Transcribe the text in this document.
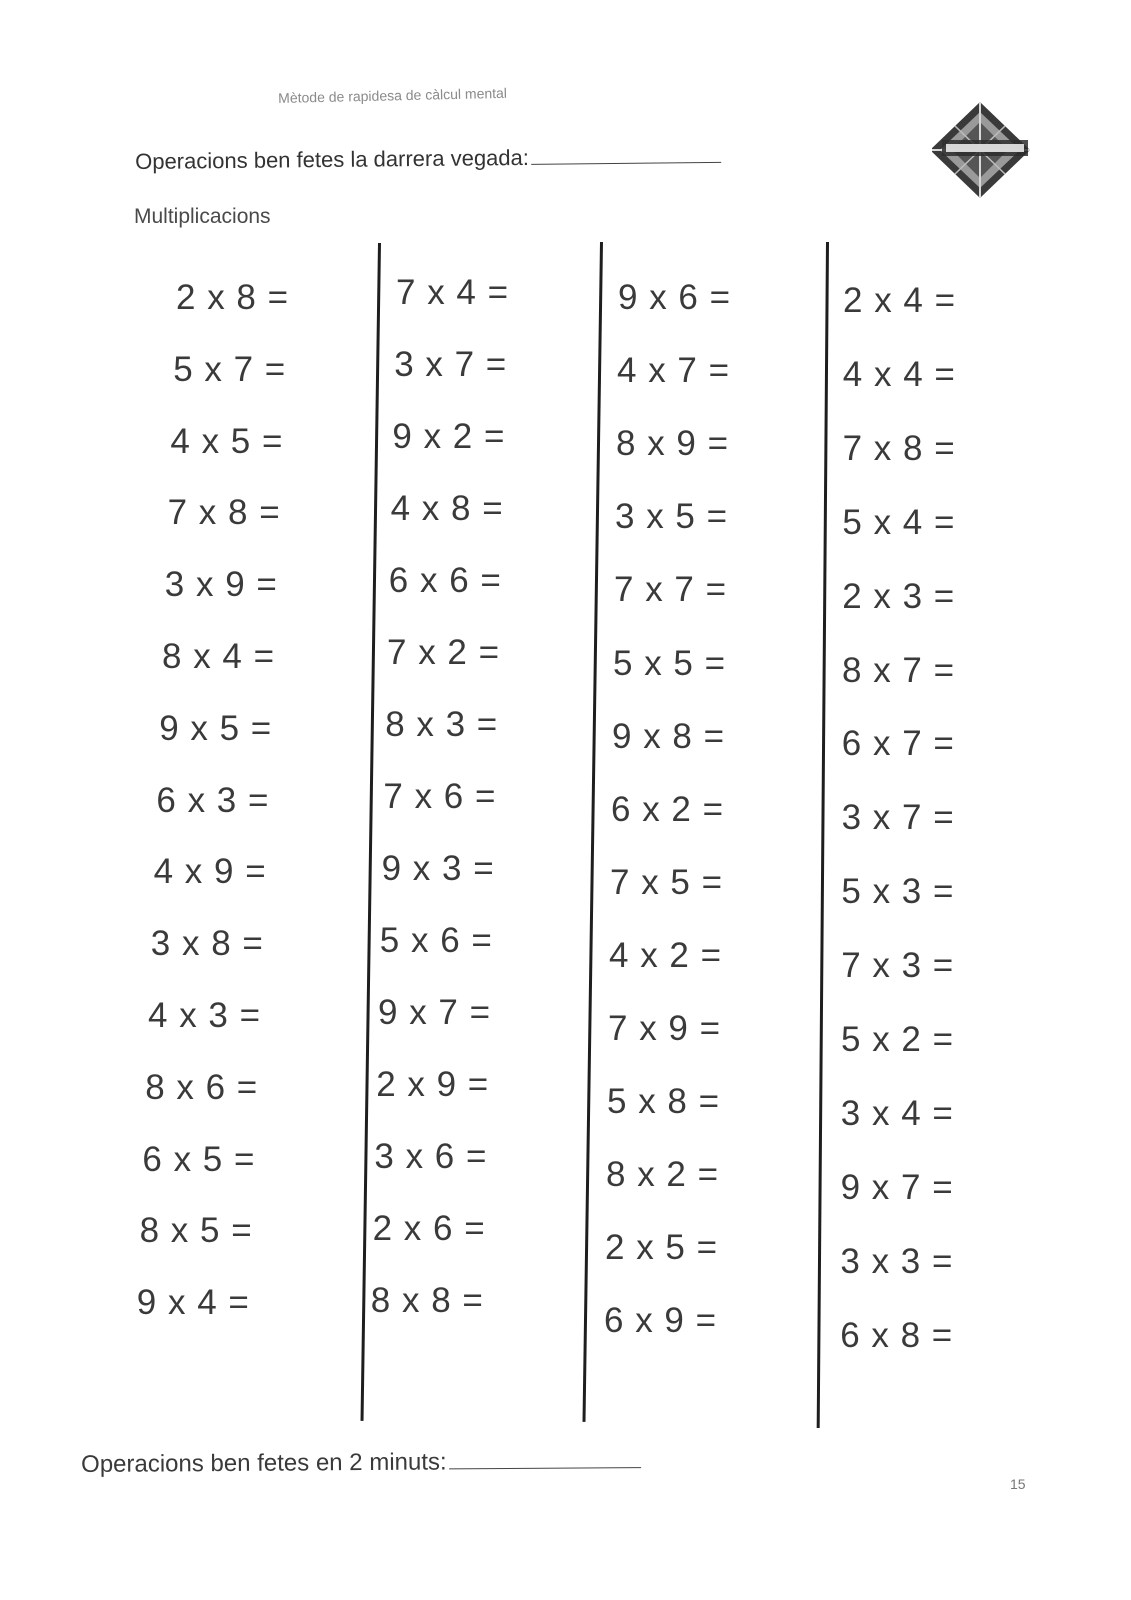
Mètode de rapidesa de càlcul mental
Operacions ben fetes la darrera vegada:
Multiplicacions
2 x 8 =
5 x 7 =
4 x 5 =
7 x 8 =
3 x 9 =
8 x 4 =
9 x 5 =
6 x 3 =
4 x 9 =
3 x 8 =
4 x 3 =
8 x 6 =
6 x 5 =
8 x 5 =
9 x 4 =
7 x 4 =
3 x 7 =
9 x 2 =
4 x 8 =
6 x 6 =
7 x 2 =
8 x 3 =
7 x 6 =
9 x 3 =
5 x 6 =
9 x 7 =
2 x 9 =
3 x 6 =
2 x 6 =
8 x 8 =
9 x 6 =
4 x 7 =
8 x 9 =
3 x 5 =
7 x 7 =
5 x 5 =
9 x 8 =
6 x 2 =
7 x 5 =
4 x 2 =
7 x 9 =
5 x 8 =
8 x 2 =
2 x 5 =
6 x 9 =
2 x 4 =
4 x 4 =
7 x 8 =
5 x 4 =
2 x 3 =
8 x 7 =
6 x 7 =
3 x 7 =
5 x 3 =
7 x 3 =
5 x 2 =
3 x 4 =
9 x 7 =
3 x 3 =
6 x 8 =
Operacions ben fetes en 2 minuts:
15
